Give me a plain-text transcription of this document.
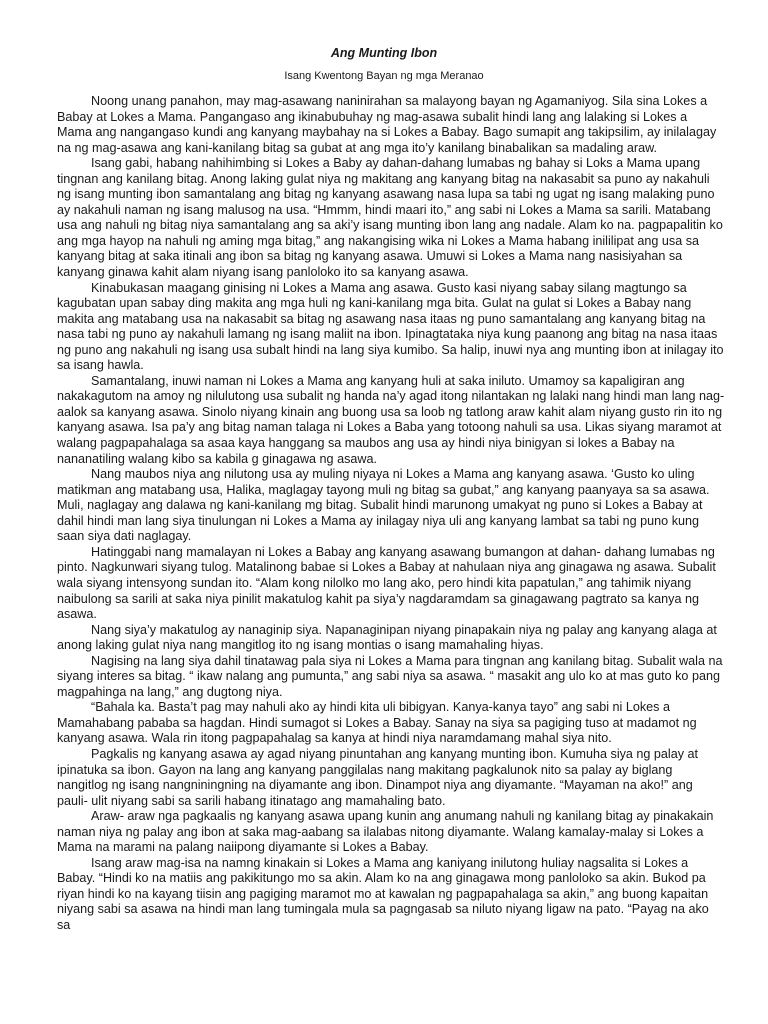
Ang Munting Ibon

Isang Kwentong Bayan ng mga Meranao

Noong unang panahon, may mag-asawang naninirahan sa malayong bayan ng Agamaniyog. Sila sina Lokes a Babay at Lokes a Mama. Pangangaso ang ikinabubuhay ng mag-asawa subalit hindi lang ang lalaking si Lokes a Mama ang nangangaso kundi ang kanyang maybahay na si Lokes a Babay. Bago sumapit ang takipsilim, ay inilalagay na ng mag-asawa ang kani-kanilang bitag sa gubat at ang mga ito’y kanilang binabalikan sa madaling araw.

Isang gabi, habang nahihimbing si Lokes a Baby ay dahan-dahang lumabas ng bahay si Loks a Mama upang tingnan ang kanilang bitag. Anong laking gulat niya ng makitang ang kanyang bitag na nakasabit sa puno ay nakahuli ng isang munting ibon samantalang ang bitag ng kanyang asawang nasa lupa sa tabi ng ugat ng isang malaking puno ay nakahuli naman ng isang malusog na usa. “Hmmm, hindi maari ito,” ang sabi ni Lokes a Mama sa sarili. Matabang usa ang nahuli ng bitag niya samantalang ang sa aki’y isang munting ibon lang ang nadale. Alam ko na. pagpapalitin ko ang mga hayop na nahuli ng aming mga bitag,” ang nakangising wika ni Lokes a Mama habang inililipat ang usa sa kanyang bitag at saka itinali ang ibon sa bitag ng kanyang asawa. Umuwi si Lokes a Mama nang nasisiyahan sa kanyang ginawa kahit alam niyang isang panloloko ito sa kanyang asawa.

Kinabukasan maagang ginising ni Lokes a Mama ang asawa. Gusto kasi niyang sabay silang magtungo sa kagubatan upan sabay ding makita ang mga huli ng kani-kanilang mga bita. Gulat na gulat si Lokes a Babay nang makita ang matabang usa na nakasabit sa bitag ng asawang nasa itaas ng puno samantalang ang kanyang bitag na nasa tabi ng puno ay nakahuli lamang ng isang maliit na ibon. Ipinagtataka niya kung paanong ang bitag na nasa itaas ng puno ang nakahuli ng isang usa subalt hindi na lang siya kumibo. Sa halip, inuwi nya ang munting ibon at inilagay ito sa isang hawla.

Samantalang, inuwi naman ni Lokes a Mama ang kanyang huli at saka iniluto. Umamoy sa kapaligiran ang nakakagutom na amoy ng nilulutong usa subalit ng handa na’y agad itong nilantakan ng lalaki nang hindi man lang nag-aalok sa kanyang asawa. Sinolo niyang kinain ang buong usa sa loob ng tatlong araw kahit alam niyang gusto rin ito ng kanyang asawa. Isa pa’y ang bitag naman talaga ni Lokes a Baba yang totoong nahuli sa usa. Likas siyang maramot at walang pagpapahalaga sa asaa kaya hanggang sa maubos ang usa ay hindi niya binigyan si lokes a Babay na nananatiling walang kibo sa kabila g ginagawa ng asawa.

Nang maubos niya ang nilutong usa ay muling niyaya ni Lokes a Mama ang kanyang asawa. ‘Gusto ko uling matikman ang matabang usa, Halika, maglagay tayong muli ng bitag sa gubat,” ang kanyang paanyaya sa sa asawa. Muli, naglagay ang dalawa ng kani-kanilang mg bitag. Subalit hindi marunong umakyat ng puno si Lokes a Babay at dahil hindi man lang siya tinulungan ni Lokes a Mama ay inilagay niya uli ang kanyang lambat sa tabi ng puno kung saan siya dati naglagay.

Hatinggabi nang mamalayan ni Lokes a Babay ang kanyang asawang bumangon at dahan- dahang lumabas ng pinto. Nagkunwari siyang tulog. Matalinong babae si Lokes a Babay at nahulaan niya ang ginagawa ng asawa. Subalit wala siyang intensyong sundan ito. “Alam kong nilolko mo lang ako, pero hindi kita papatulan,” ang tahimik niyang naibulong sa sarili at saka niya pinilit makatulog kahit pa siya’y nagdaramdam sa ginagawang pagtrato sa kanya ng asawa.

Nang siya’y makatulog ay nanaginip siya. Napanaginipan niyang pinapakain niya ng palay ang kanyang alaga at anong laking gulat niya nang mangitlog ito ng isang montias o isang mamahaling hiyas.

Nagising na lang siya dahil tinatawag pala siya ni Lokes a Mama para tingnan ang kanilang bitag. Subalit wala na siyang interes sa bitag. “ ikaw nalang ang pumunta,” ang sabi niya sa asawa. “ masakit ang ulo ko at mas guto ko pang magpahinga na lang,” ang dugtong niya.

“Bahala ka. Basta’t pag may nahuli ako ay hindi kita uli bibigyan. Kanya-kanya tayo” ang sabi ni Lokes a Mamahabang pababa sa hagdan. Hindi sumagot si Lokes a Babay. Sanay na siya sa pagiging tuso at madamot ng kanyang asawa. Wala rin itong pagpapahalag sa kanya at hindi niya naramdamang mahal siya nito.

Pagkalis ng kanyang asawa ay agad niyang pinuntahan ang kanyang munting ibon. Kumuha siya ng palay at ipinatuka sa ibon. Gayon na lang ang kanyang panggilalas nang makitang pagkalunok nito sa palay ay biglang nangitlog ng isang nangniningning na diyamante ang ibon. Dinampot niya ang diyamante. “Mayaman na ako!” ang pauli- ulit niyang sabi sa sarili habang itinatago ang mamahaling bato.

Araw- araw nga pagkaalis ng kanyang asawa upang kunin ang anumang nahuli ng kanilang bitag ay pinakakain naman niya ng palay ang ibon at saka mag-aabang sa ilalabas nitong diyamante. Walang kamalay-malay si Lokes a Mama na marami na palang naiipong diyamante si Lokes a Babay.

Isang araw mag-isa na namng kinakain si Lokes a Mama ang kaniyang inilutong huliay nagsalita si Lokes a Babay. “Hindi ko na matiis ang pakikitungo mo sa akin. Alam ko na ang ginagawa mong panloloko sa akin. Bukod pa riyan hindi ko na kayang tiisin ang pagiging maramot mo at kawalan ng pagpapahalaga sa akin,” ang buong kapaitan niyang sabi sa asawa na hindi man lang tumingala mula sa pagngasab sa niluto niyang ligaw na pato. “Payag na ako sa
